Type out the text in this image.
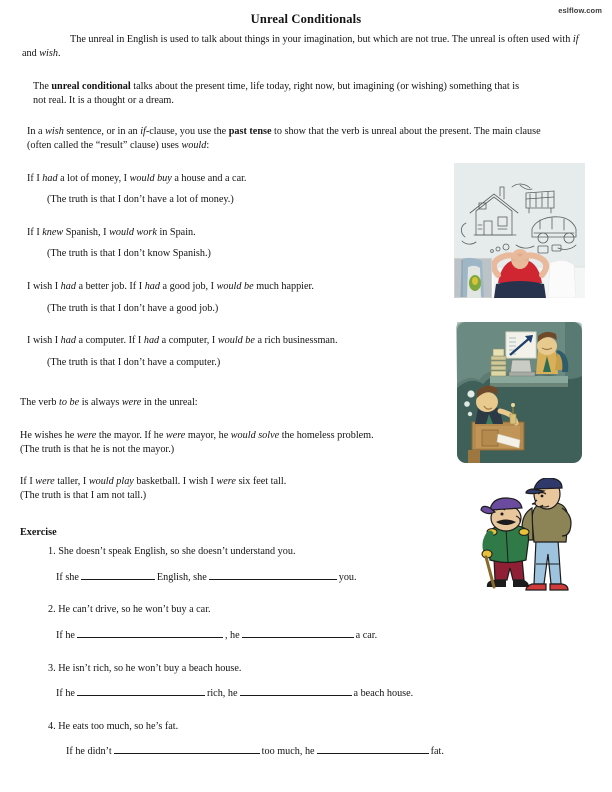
eslflow.com
Unreal Conditionals

The unreal in English is used to talk about things in your imagination, but which are not true. The unreal is often used with if and wish.

The unreal conditional talks about the present time, life today, right now, but imagining (or wishing) something that is not real. It is a thought or a dream.

In a wish sentence, or in an if-clause, you use the past tense to show that the verb is unreal about the present. The main clause (often called the “result” clause) uses would:

If I had a lot of money, I would buy a house and a car.

(The truth is that I don’t have a lot of money.)

If I knew Spanish, I would work in Spain.

(The truth is that I don’t know Spanish.)

I wish I had a better job. If I had a good job, I would be much happier.

(The truth is that I don’t have a good job.)

I wish I had a computer. If I had a computer, I would be a rich businessman.

(The truth is that I don’t have a computer.)

The verb to be is always were in the unreal:

He wishes he were the mayor. If he were mayor, he would solve the homeless problem.

(The truth is that he is not the mayor.)

If I were taller, I would play basketball. I wish I were six feet tall.

(The truth is that I am not tall.)

Exercise

1. She doesn’t speak English, so she doesn’t understand you.

If she	English, she	you.

2. He can’t drive, so he won’t buy a car.

If he	, he	a car.

3. He isn’t rich, so he won’t buy a beach house.

If he	rich, he	a beach house.

4. He eats too much, so he’s fat.

If he didn’t	too much, he	fat.
